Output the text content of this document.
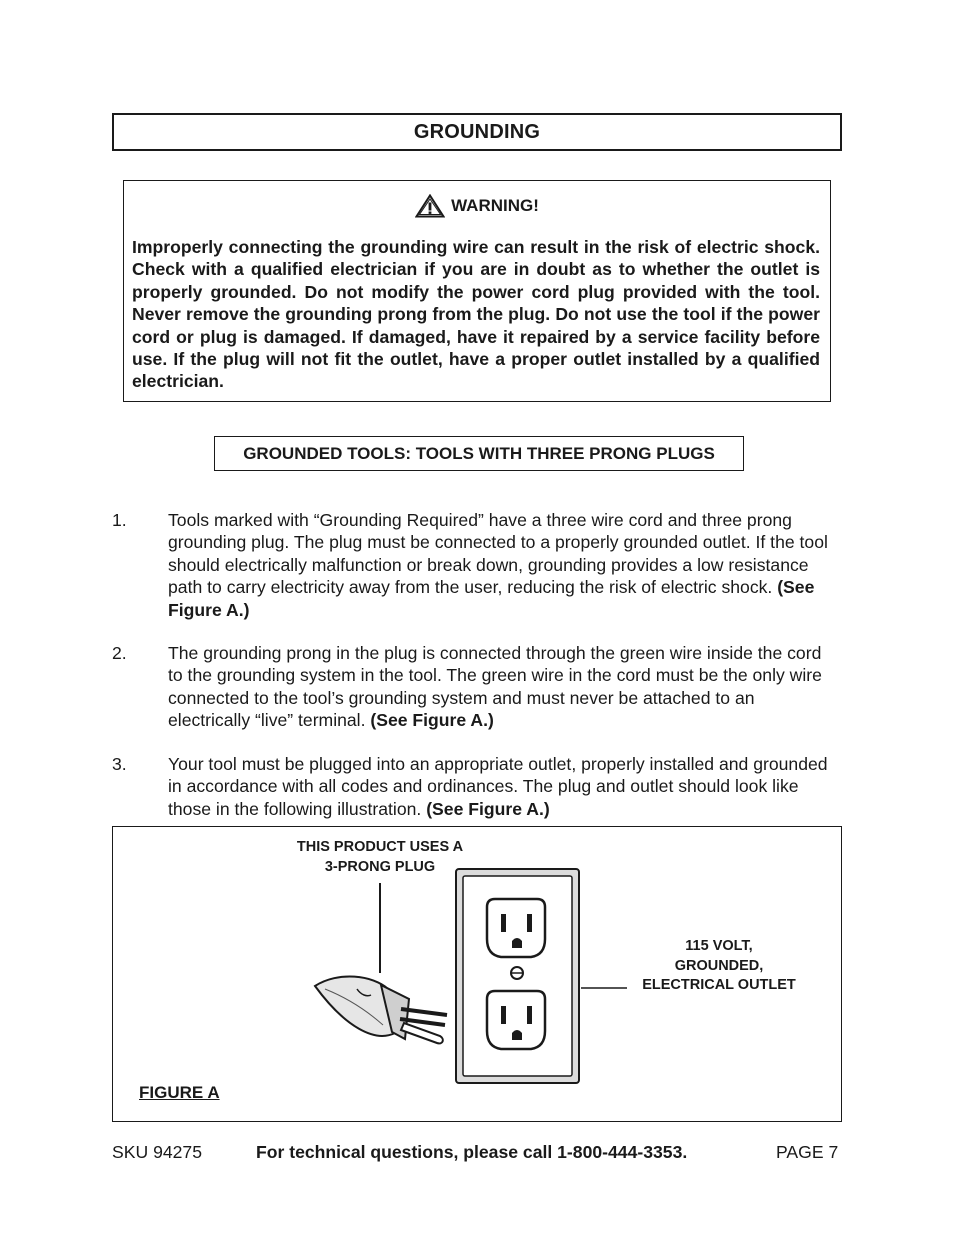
GROUNDING
WARNING!
Improperly connecting the grounding wire can result in the risk of electric shock. Check with a qualified electrician if you are in doubt as to whether the outlet is properly grounded. Do not modify the power cord plug provided with the tool. Never remove the grounding prong from the plug. Do not use the tool if the power cord or plug is damaged. If damaged, have it repaired by a service facility before use. If the plug will not fit the outlet, have a proper outlet installed by a qualified electrician.
GROUNDED TOOLS: TOOLS WITH THREE PRONG PLUGS
1.	Tools marked with “Grounding Required” have a three wire cord and three prong grounding plug. The plug must be connected to a properly grounded outlet. If the tool should electrically malfunction or break down, grounding provides a low resistance path to carry electricity away from the user, reducing the risk of electric shock. (See Figure A.)
2.	The grounding prong in the plug is connected through the green wire inside the cord to the grounding system in the tool. The green wire in the cord must be the only wire connected to the tool’s grounding system and must never be attached to an electrically “live” terminal. (See Figure A.)
3.	Your tool must be plugged into an appropriate outlet, properly installed and grounded in accordance with all codes and ordinances. The plug and outlet should look like those in the following illustration. (See Figure A.)
THIS PRODUCT USES A
3-PRONG PLUG
115 VOLT,
GROUNDED,
ELECTRICAL OUTLET
FIGURE A
SKU 94275	For technical questions, please call 1-800-444-3353.	PAGE 7
